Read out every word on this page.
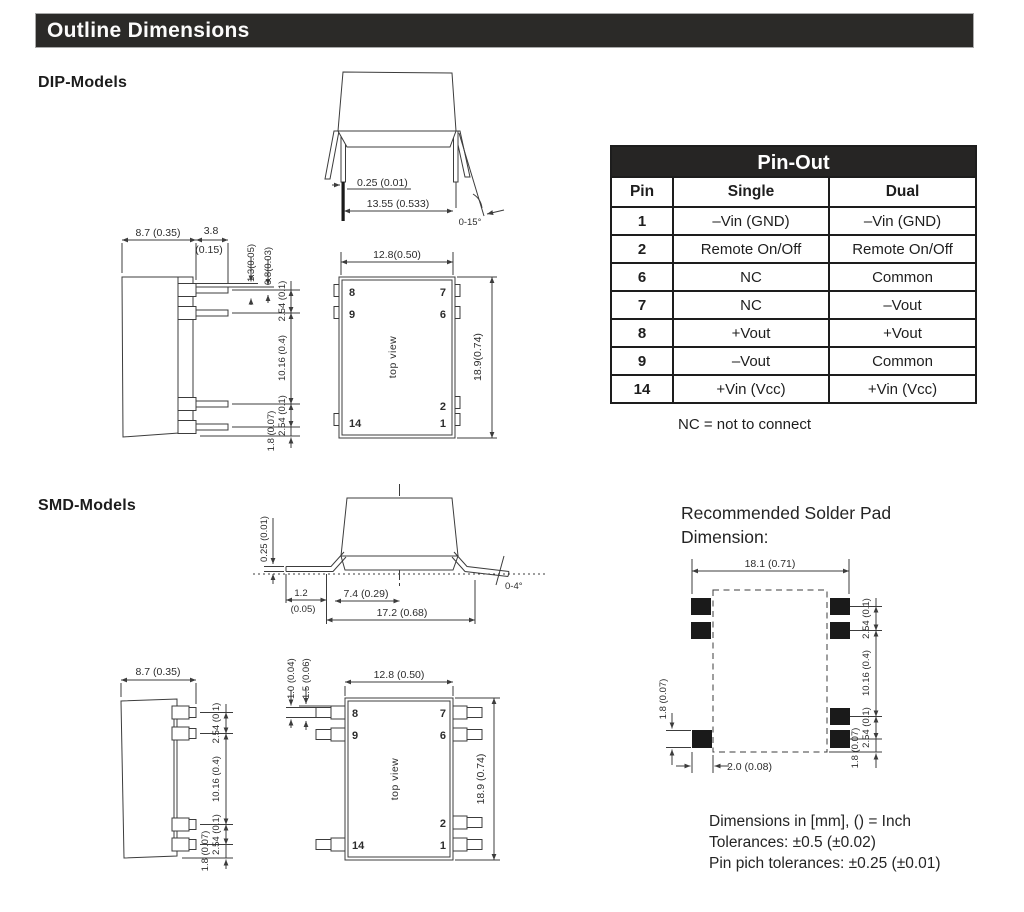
Outline Dimensions
DIP-Models
SMD-Models
Pin-Out
Pin	Single	Dual
1	–Vin (GND)	–Vin (GND)
2	Remote On/Off	Remote On/Off
6	NC	Common
7	NC	–Vout
8	+Vout	+Vout
9	–Vout	Common
14	+Vin (Vcc)	+Vin (Vcc)
NC = not to connect
Recommended Solder Pad
Dimension:
Dimensions in [mm], () = Inch
Tolerances: ±0.5 (±0.02)
Pin pich tolerances: ±0.25 (±0.01)
0.25 (0.01)
13.55 (0.533)
0-15°
8.7 (0.35) 3.8
(0.15) 1.3(0.05) 0.8(0.03)
2.54 (0.1)
10.16 (0.4)
2.54 (0.1)
1.8 (0.07)
8
9
14
7
6
2
1
top view
12.8(0.50)
18.9(0.74)
0-4°
0.25 (0.01)
1.2
(0.05)
7.4 (0.29)
17.2 (0.68)
8.7 (0.35)
2.54 (0.1)
10.16 (0.4)
2.54 (0.1)
1.8 (0.07)
8
9
14
7
6
2
1
top view
12.8 (0.50)
18.9 (0.74)
1.0 (0.04) 1.5 (0.06)
18.1 (0.71)
2.54 (0.1)
10.16 (0.4)
2.54 (0.1)
1.8 (0.07)
1.8 (0.07)
2.0 (0.08)
